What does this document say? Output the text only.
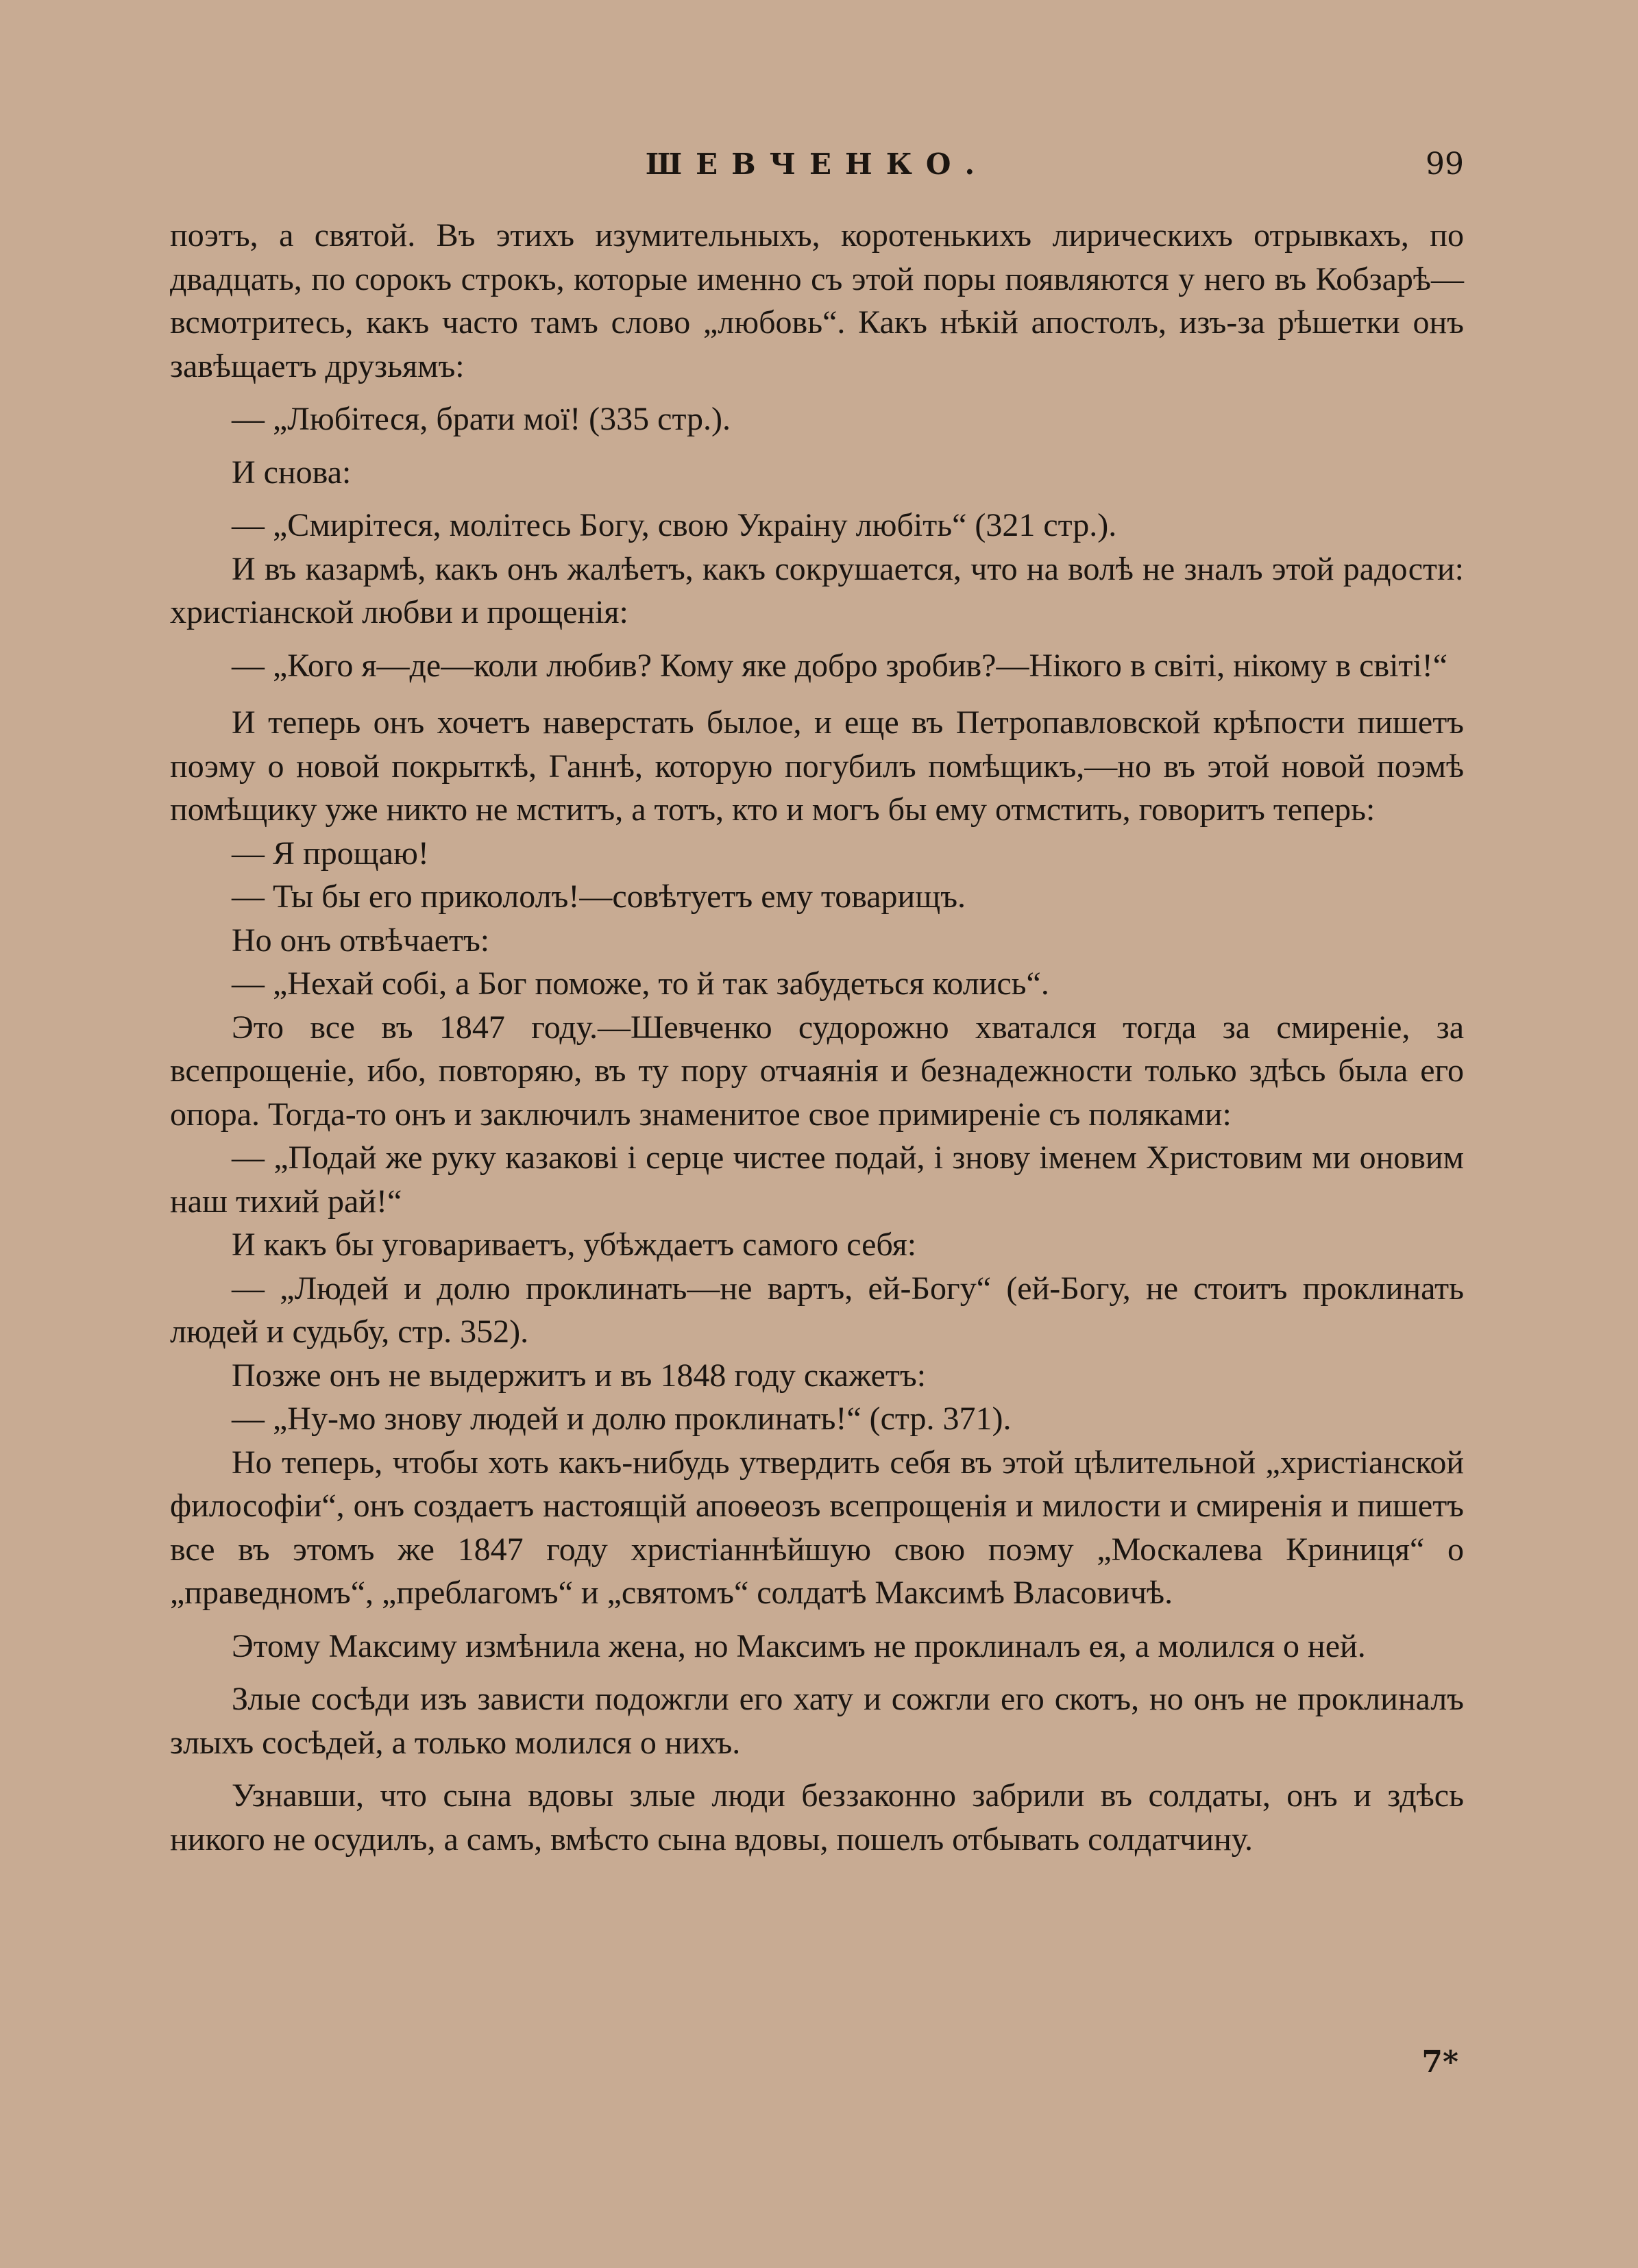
ШЕВЧЕНКО.	99

поэтъ, а святой. Въ этихъ изумительныхъ, коротенькихъ лирическихъ отрывкахъ, по двадцать, по сорокъ строкъ, которые именно съ этой поры появляются у него въ Кобзарѣ—всмотритесь, какъ часто тамъ слово „любовь“. Какъ нѣкій апостолъ, изъ-за рѣшетки онъ завѣщаетъ друзьямъ:

— „Любітеся, брати мої! (335 стр.).

И снова:

— „Смирітеся, молітесь Богу, свою Украіну любіть“ (321 стр.).

И въ казармѣ, какъ онъ жалѣетъ, какъ сокрушается, что на волѣ не зналъ этой радости: христіанской любви и прощенія:

— „Кого я—де—коли любив? Кому яке добро зробив?—Нікого в світі, нікому в світі!“

И теперь онъ хочетъ наверстать былое, и еще въ Петропавловской крѣпости пишетъ поэму о новой покрыткѣ, Ганнѣ, которую погубилъ помѣщикъ,—но въ этой новой поэмѣ помѣщику уже никто не мститъ, а тотъ, кто и могъ бы ему отмстить, говоритъ теперь:

— Я прощаю!

— Ты бы его прикололъ!—совѣтуетъ ему товарищъ.

Но онъ отвѣчаетъ:

— „Нехай собі, а Бог поможе, то й так забудеться колись“.

Это все въ 1847 году.—Шевченко судорожно хватался тогда за смиреніе, за всепрощеніе, ибо, повторяю, въ ту пору отчаянія и безнадежности только здѣсь была его опора. Тогда-то онъ и заключилъ знаменитое свое примиреніе съ поляками:

— „Подай же руку казакові і серце чистее подай, і знову іменем Христовим ми оновим наш тихий рай!“

И какъ бы уговариваетъ, убѣждаетъ самого себя:

— „Людей и долю проклинать—не вартъ, ей-Богу“ (ей-Богу, не стоитъ проклинать людей и судьбу, стр. 352).

Позже онъ не выдержитъ и въ 1848 году скажетъ:

— „Ну-мо знову людей и долю проклинать!“ (стр. 371).

Но теперь, чтобы хоть какъ-нибудь утвердить себя въ этой цѣлительной „христіанской философіи“, онъ создаетъ настоящій апоѳеозъ всепрощенія и милости и смиренія и пишетъ все въ этомъ же 1847 году христіаннѣйшую свою поэму „Москалева Криниця“ о „праведномъ“, „преблагомъ“ и „святомъ“ солдатѣ Максимѣ Власовичѣ.

Этому Максиму измѣнила жена, но Максимъ не проклиналъ ея, а молился о ней.

Злые сосѣди изъ зависти подожгли его хату и сожгли его скотъ, но онъ не проклиналъ злыхъ сосѣдей, а только молился о нихъ.

Узнавши, что сына вдовы злые люди беззаконно забрили въ солдаты, онъ и здѣсь никого не осудилъ, а самъ, вмѣсто сына вдовы, пошелъ отбывать солдатчину.

7*
